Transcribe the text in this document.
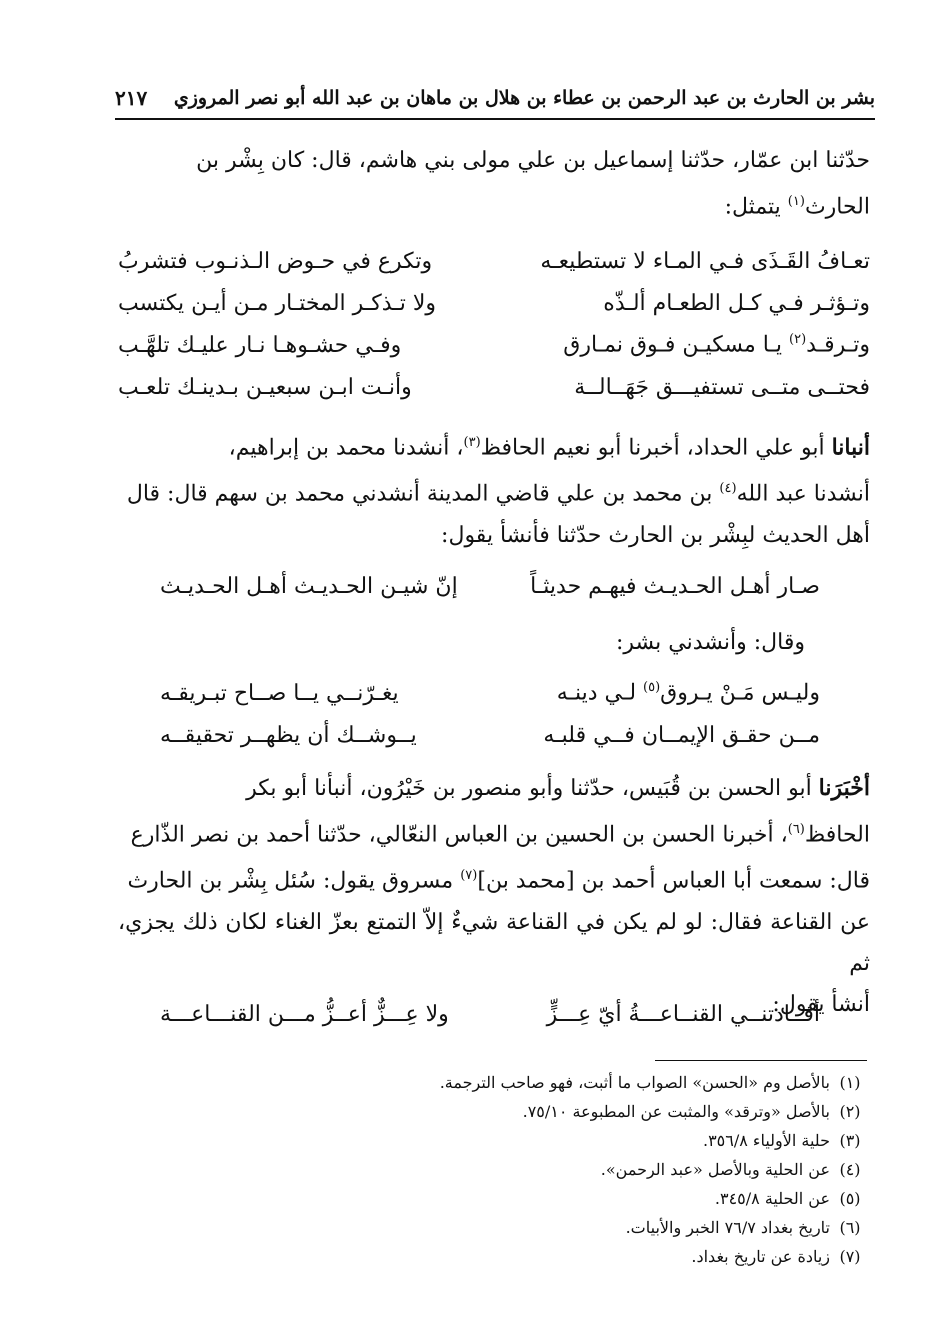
بشر بن الحارث بن عبد الرحمن بن عطاء بن هلال بن ماهان بن عبد الله أبو نصر المروزي
٢١٧
حدّثنا ابن عمّار، حدّثنا إسماعيل بن علي مولى بني هاشم، قال: كان بِشْر بن
الحارث$^{(١)}$ يتمثل:
تعـافُ القَـذَى فـي المـاء لا تستطيعـه
وتكرع في حـوض الـذنـوب فتشربُ
وتـؤثـر فـي كـل الطعـام ألـذّه
ولا تـذكـر المختـار مـن أيـن يكتسب
وتـرقـد$^{(٢)}$ يـا مسكيـن فـوق نمـارق
وفـي حشـوهـا نـار عليـك تلهَّـب
فحتــى متــى تستفيـــق جَهَــالــة
وأنـت ابـن سبعيـن بـدينـك تلعـب
أنبانا أبو علي الحداد، أخبرنا أبو نعيم الحافظ$^{(٣)}$، أنشدنا محمد بن إبراهيم،
أنشدنا عبد الله$^{(٤)}$ بن محمد بن علي قاضي المدينة أنشدني محمد بن سهم قال: قال
أهل الحديث لبِشْر بن الحارث حدّثنا فأنشأ يقول:
صـار أهـل الحـديـث فيهـم حديثـاً
إنّ شيـن الحـديـث أهـل الحـديـث
وقال: وأنشدني بشر:
وليـس مَـنْ يـروق$^{(٥)}$ لـي دينـه
يغـرّنــي يــا صــاح تبـريقـه
مــن حقـق الإيمــان فــي قلبـه
يــوشــك أن يظهــر تحقيقــه
أخْبَرَنا أبو الحسن بن قُبَيس، حدّثنا وأبو منصور بن خَيْرُون، أنبأنا أبو بكر
الحافظ$^{(٦)}$، أخبرنا الحسن بن الحسين بن العباس النعّالي، حدّثنا أحمد بن نصر الذّارع
قال: سمعت أبا العباس أحمد بن [محمد بن]$^{(٧)}$ مسروق يقول: سُئل بِشْر بن الحارث
عن القناعة فقال: لو لم يكن في القناعة شيءٌ إلاّ التمتع بعزّ الغناء لكان ذلك يجزي، ثم
أنشأ يقول:
أفــادتنــي القنــاعـــةُ أيّ عِـــزٍّ
ولا عِـــزٌّ أعــزُّ مـــن القنـــاعـــة
(١)
بالأصل وم «الحسن» الصواب ما أثبت، فهو صاحب الترجمة.
(٢)
بالأصل «وترقد» والمثبت عن المطبوعة ٧٥/١٠.
(٣)
حلية الأولياء ٣٥٦/٨.
(٤)
عن الحلية وبالأصل «عبد الرحمن».
(٥)
عن الحلية ٣٤٥/٨.
(٦)
تاريخ بغداد ٧٦/٧ الخبر والأبيات.
(٧)
زيادة عن تاريخ بغداد.
